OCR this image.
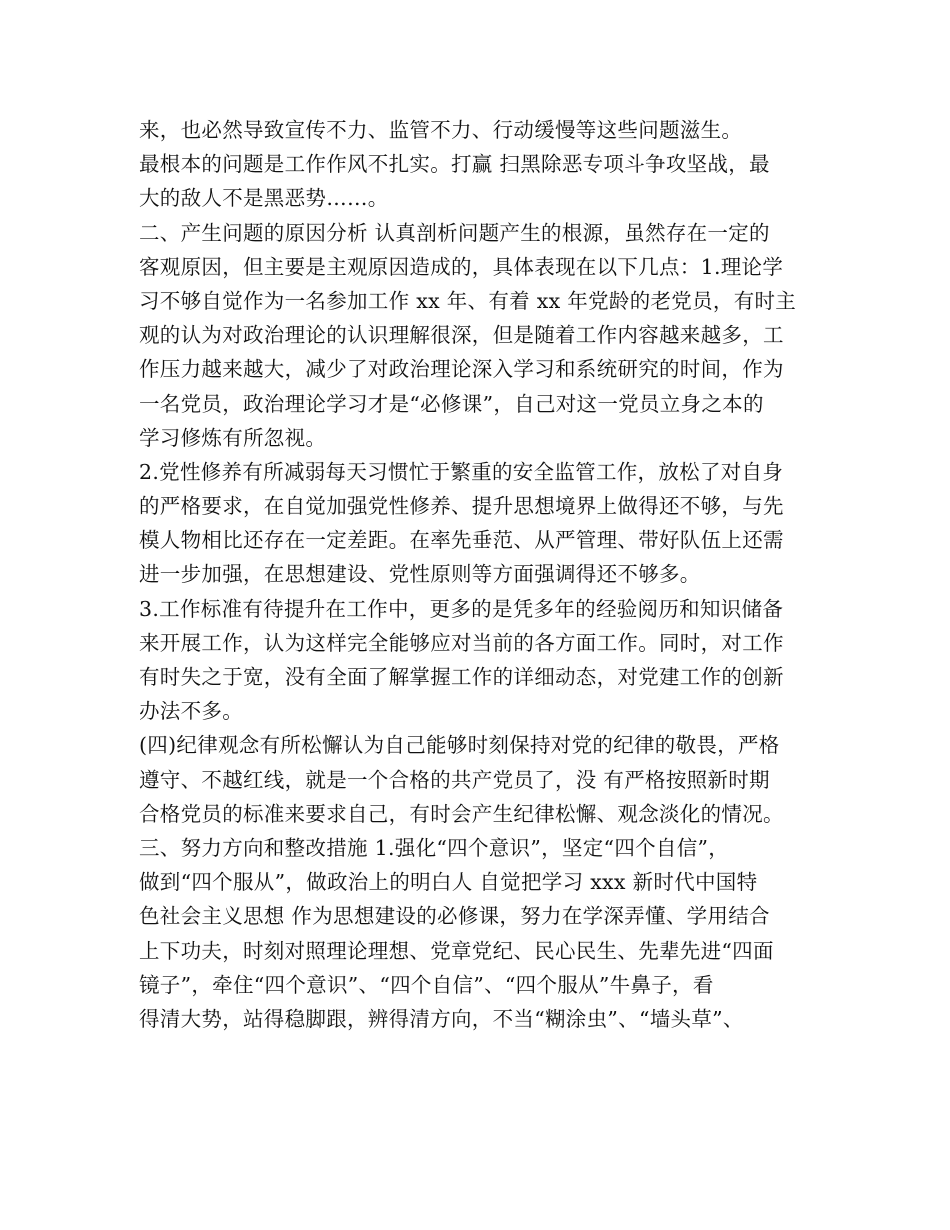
来，也必然导致宣传不力、监管不力、行动缓慢等这些问题滋生。
最根本的问题是工作作风不扎实。打赢 扫黑除恶专项斗争攻坚战，最
大的敌人不是黑恶势……。
二、产生问题的原因分析 认真剖析问题产生的根源，虽然存在一定的
客观原因，但主要是主观原因造成的，具体表现在以下几点：1.理论学
习不够自觉作为一名参加工作 xx 年、有着 xx 年党龄的老党员，有时主
观的认为对政治理论的认识理解很深，但是随着工作内容越来越多，工
作压力越来越大，减少了对政治理论深入学习和系统研究的时间，作为
一名党员，政治理论学习才是“必修课”，自己对这一党员立身之本的
学习修炼有所忽视。
2.党性修养有所减弱每天习惯忙于繁重的安全监管工作，放松了对自身
的严格要求，在自觉加强党性修养、提升思想境界上做得还不够，与先
模人物相比还存在一定差距。在率先垂范、从严管理、带好队伍上还需
进一步加强，在思想建设、党性原则等方面强调得还不够多。
3.工作标准有待提升在工作中，更多的是凭多年的经验阅历和知识储备
来开展工作，认为这样完全能够应对当前的各方面工作。同时，对工作
有时失之于宽，没有全面了解掌握工作的详细动态，对党建工作的创新
办法不多。
(四)纪律观念有所松懈认为自己能够时刻保持对党的纪律的敬畏，严格
遵守、不越红线，就是一个合格的共产党员了，没 有严格按照新时期
合格党员的标准来要求自己，有时会产生纪律松懈、观念淡化的情况。
三、努力方向和整改措施 1.强化“四个意识”，坚定“四个自信”，
做到“四个服从”，做政治上的明白人 自觉把学习 xxx 新时代中国特
色社会主义思想 作为思想建设的必修课，努力在学深弄懂、学用结合
上下功夫，时刻对照理论理想、党章党纪、民心民生、先辈先进“四面
镜子”，牵住“四个意识”、“四个自信”、“四个服从”牛鼻子，看
得清大势，站得稳脚跟，辨得清方向，不当“糊涂虫”、“墙头草”、
